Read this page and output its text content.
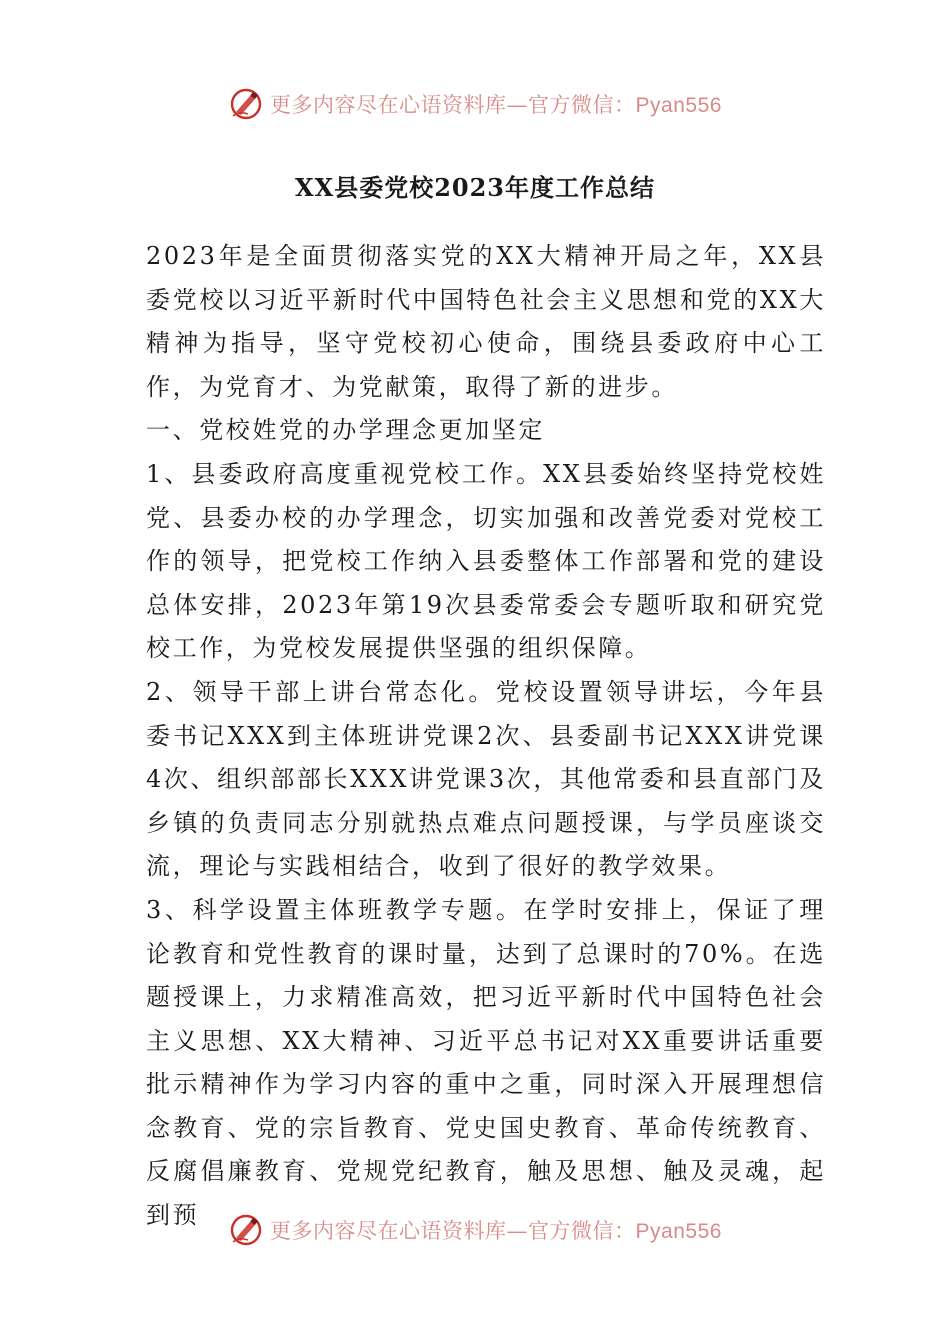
更多内容尽在心语资料库—官方微信：Pyan556
XX县委党校2023年度工作总结

2023年是全面贯彻落实党的XX大精神开局之年，XX县委党校以习近平新时代中国特色社会主义思想和党的XX大精神为指导，坚守党校初心使命，围绕县委政府中心工作，为党育才、为党献策，取得了新的进步。

一、党校姓党的办学理念更加坚定

1、县委政府高度重视党校工作。XX县委始终坚持党校姓党、县委办校的办学理念，切实加强和改善党委对党校工作的领导，把党校工作纳入县委整体工作部署和党的建设总体安排，2023年第19次县委常委会专题听取和研究党校工作，为党校发展提供坚强的组织保障。

2、领导干部上讲台常态化。党校设置领导讲坛，今年县委书记XXX到主体班讲党课2次、县委副书记XXX讲党课4次、组织部部长XXX讲党课3次，其他常委和县直部门及乡镇的负责同志分别就热点难点问题授课，与学员座谈交流，理论与实践相结合，收到了很好的教学效果。

3、科学设置主体班教学专题。在学时安排上，保证了理论教育和党性教育的课时量，达到了总课时的70%。在选题授课上，力求精准高效，把习近平新时代中国特色社会主义思想、XX大精神、习近平总书记对XX重要讲话重要批示精神作为学习内容的重中之重，同时深入开展理想信念教育、党的宗旨教育、党史国史教育、革命传统教育、反腐倡廉教育、党规党纪教育，触及思想、触及灵魂，起到预

更多内容尽在心语资料库—官方微信：Pyan556
